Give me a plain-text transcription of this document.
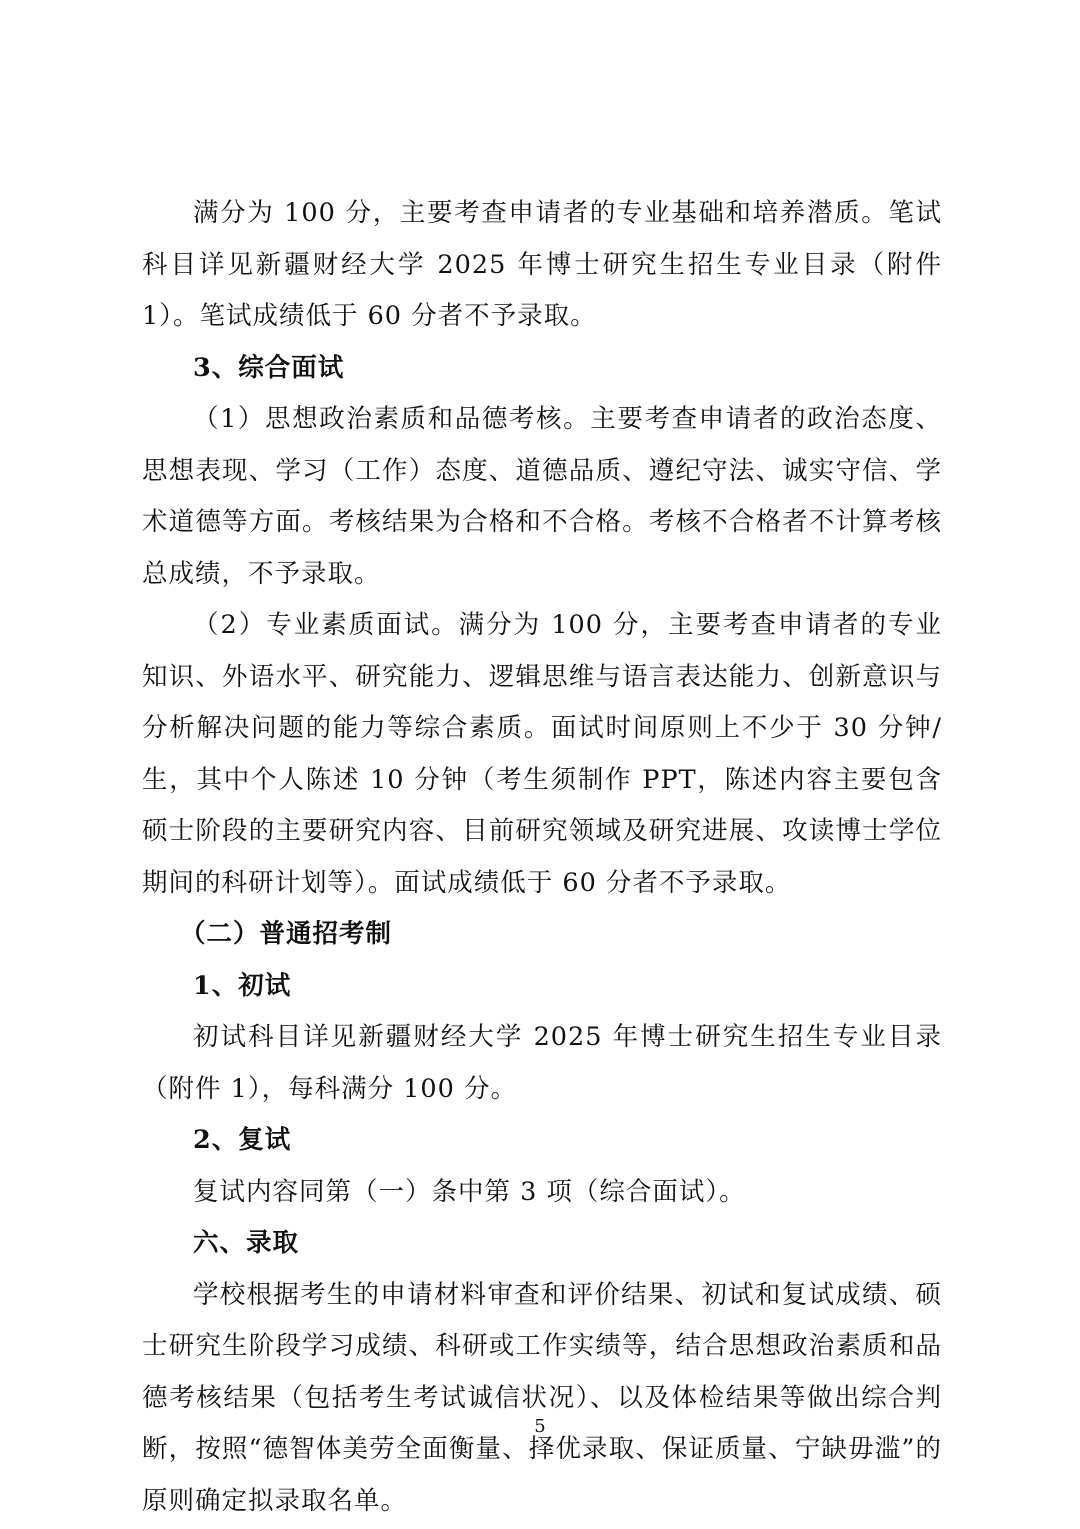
满分为 100 分，主要考查申请者的专业基础和培养潜质。笔试科目详见新疆财经大学 2025 年博士研究生招生专业目录（附件 1）。笔试成绩低于 60 分者不予录取。

3、综合面试

（1）思想政治素质和品德考核。主要考查申请者的政治态度、思想表现、学习（工作）态度、道德品质、遵纪守法、诚实守信、学术道德等方面。考核结果为合格和不合格。考核不合格者不计算考核总成绩，不予录取。

（2）专业素质面试。满分为 100 分，主要考查申请者的专业知识、外语水平、研究能力、逻辑思维与语言表达能力、创新意识与分析解决问题的能力等综合素质。面试时间原则上不少于 30 分钟/生，其中个人陈述 10 分钟（考生须制作 PPT，陈述内容主要包含硕士阶段的主要研究内容、目前研究领域及研究进展、攻读博士学位期间的科研计划等）。面试成绩低于 60 分者不予录取。

（二）普通招考制

1、初试

初试科目详见新疆财经大学 2025 年博士研究生招生专业目录（附件 1），每科满分 100 分。

2、复试

复试内容同第（一）条中第 3 项（综合面试）。

六、录取

学校根据考生的申请材料审查和评价结果、初试和复试成绩、硕士研究生阶段学习成绩、科研或工作实绩等，结合思想政治素质和品德考核结果（包括考生考试诚信状况）、以及体检结果等做出综合判断，按照“德智体美劳全面衡量、择优录取、保证质量、宁缺毋滥”的原则确定拟录取名单。

5
